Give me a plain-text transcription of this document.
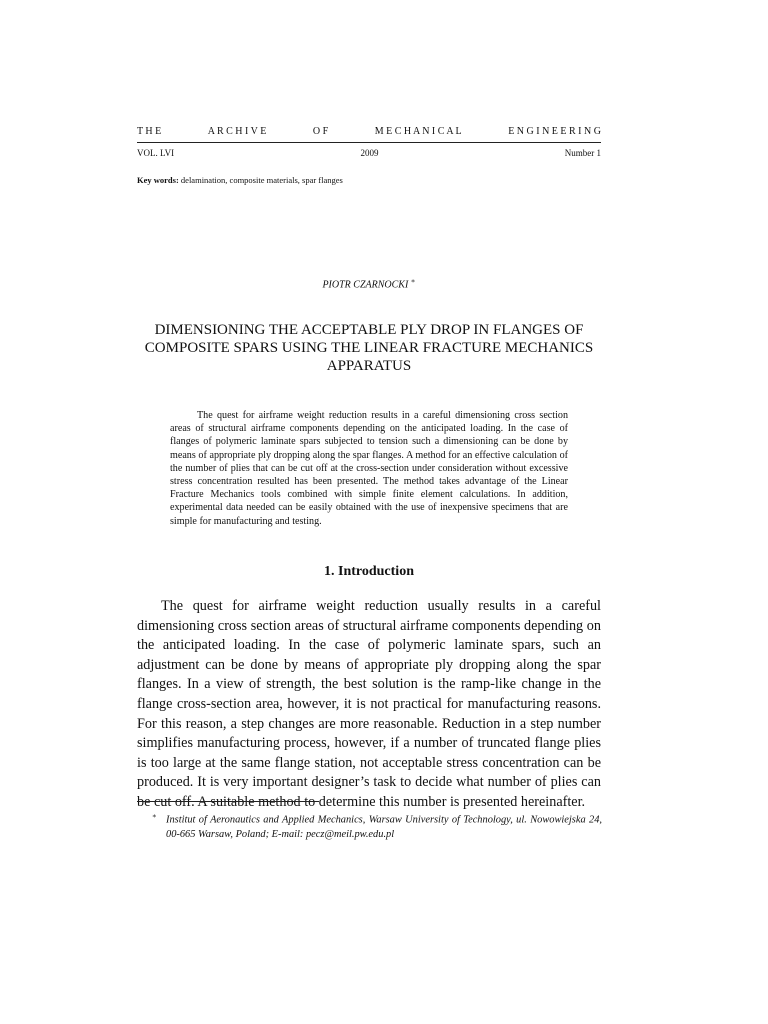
T H E	A R C H I V E	O F	M E C H A N I C A L	E N G I N E E R I N G
VOL. LVI	2009	Number 1
Key words: delamination, composite materials, spar flanges
PIOTR CZARNOCKI ∗
DIMENSIONING THE ACCEPTABLE PLY DROP IN FLANGES OF COMPOSITE SPARS USING THE LINEAR FRACTURE MECHANICS APPARATUS

The quest for airframe weight reduction results in a careful dimensioning cross section areas of structural airframe components depending on the anticipated loading. In the case of flanges of polymeric laminate spars subjected to tension such a dimensioning can be done by means of appropriate ply dropping along the spar flanges. A method for an effective calculation of the number of plies that can be cut off at the cross-section under consideration without excessive stress concentration resulted has been presented. The method takes advantage of the Linear Fracture Mechanics tools combined with simple finite element calculations. In addition, experimental data needed can be easily obtained with the use of inexpensive specimens that are simple for manufacturing and testing.

1. Introduction

The quest for airframe weight reduction usually results in a careful dimensioning cross section areas of structural airframe components depending on the anticipated loading. In the case of polymeric laminate spars, such an adjustment can be done by means of appropriate ply dropping along the spar flanges. In a view of strength, the best solution is the ramp-like change in the flange cross-section area, however, it is not practical for manufacturing reasons. For this reason, a step changes are more reasonable. Reduction in a step number simplifies manufacturing process, however, if a number of truncated flange plies is too large at the same flange station, not acceptable stress concentration can be produced. It is very important designer’s task to decide what number of plies can be cut off. A suitable method to determine this number is presented hereinafter.

∗ Institut of Aeronautics and Applied Mechanics, Warsaw University of Technology, ul. Nowowiejska 24, 00-665 Warsaw, Poland; E-mail: pecz@meil.pw.edu.pl
